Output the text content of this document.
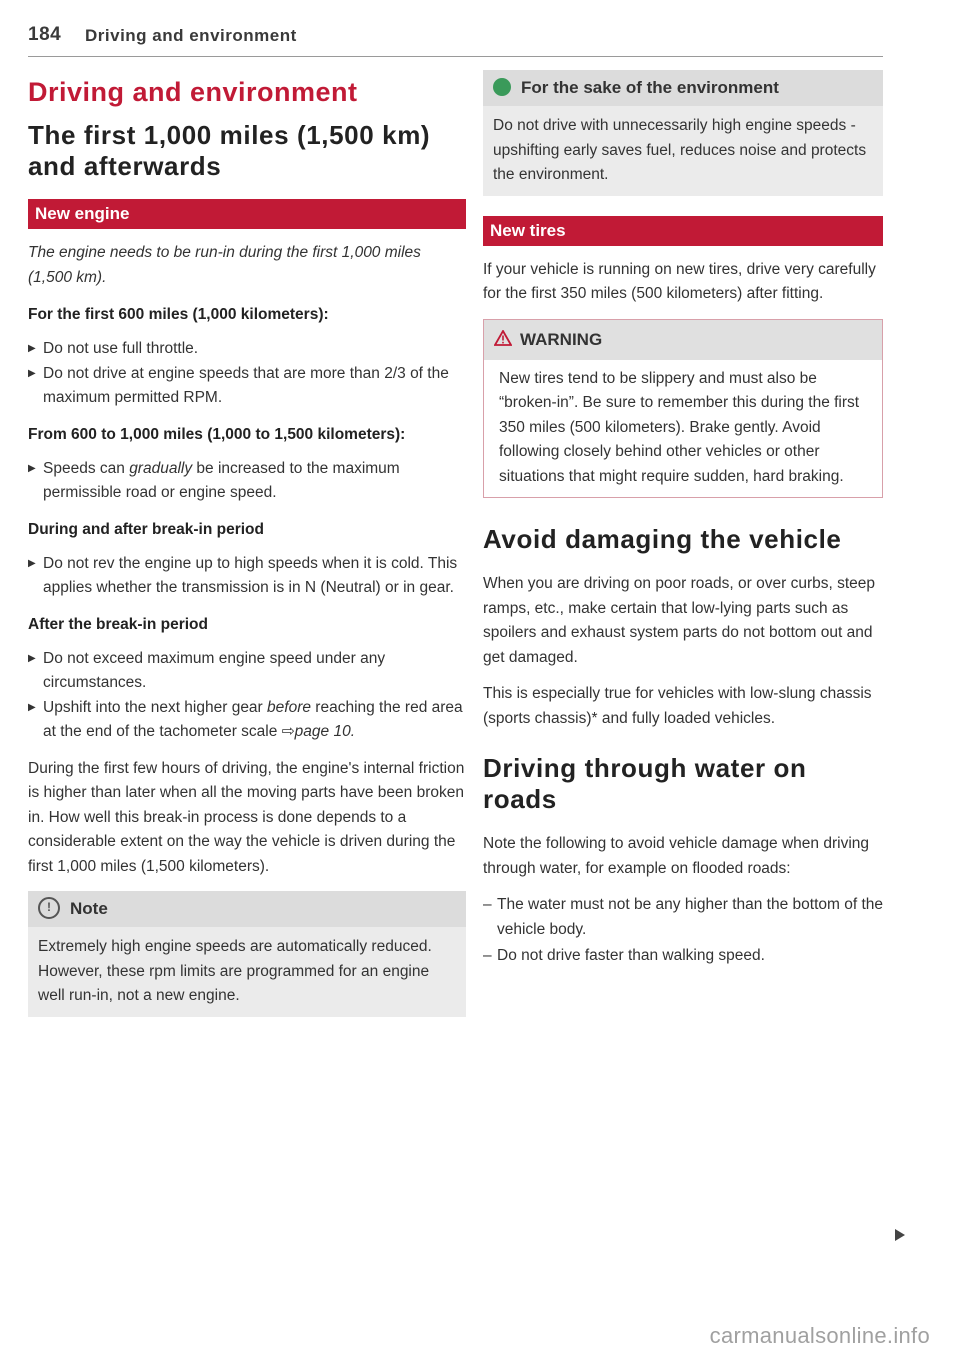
184 Driving and environment
Driving and environment
The first 1,000 miles (1,500 km) and afterwards
New engine

The engine needs to be run-in during the first 1,000 miles (1,500 km).

For the first 600 miles (1,000 kilometers):
▶ Do not use full throttle.
▶ Do not drive at engine speeds that are more than 2/3 of the maximum permitted RPM.
From 600 to 1,000 miles (1,000 to 1,500 kilometers):
▶ Speeds can gradually be increased to the maximum permissible road or engine speed.
During and after break-in period
▶ Do not rev the engine up to high speeds when it is cold. This applies whether the transmission is in N (Neutral) or in gear.
After the break-in period
▶ Do not exceed maximum engine speed under any circumstances.
▶ Upshift into the next higher gear before reaching the red area at the end of the tachometer scale ⇨page 10.

During the first few hours of driving, the engine's internal friction is higher than later when all the moving parts have been broken in. How well this break-in process is done depends to a considerable extent on the way the vehicle is driven during the first 1,000 miles (1,500 kilometers).

! Note

Extremely high engine speeds are automatically reduced. However, these rpm limits are programmed for an engine well run-in, not a new engine.

For the sake of the environment

Do not drive with unnecessarily high engine speeds - upshifting early saves fuel, reduces noise and protects the environment.

New tires

If your vehicle is running on new tires, drive very carefully for the first 350 miles (500 kilometers) after fitting.

WARNING

New tires tend to be slippery and must also be “broken-in”. Be sure to remember this during the first 350 miles (500 kilometers). Brake gently. Avoid following closely behind other vehicles or other situations that might require sudden, hard braking.

Avoid damaging the vehicle

When you are driving on poor roads, or over curbs, steep ramps, etc., make certain that low-lying parts such as spoilers and exhaust system parts do not bottom out and get damaged.

This is especially true for vehicles with low-slung chassis (sports chassis)* and fully loaded vehicles.

Driving through water on roads

Note the following to avoid vehicle damage when driving through water, for example on flooded roads:

– The water must not be any higher than the bottom of the vehicle body.
– Do not drive faster than walking speed.
carmanualsonline.info
